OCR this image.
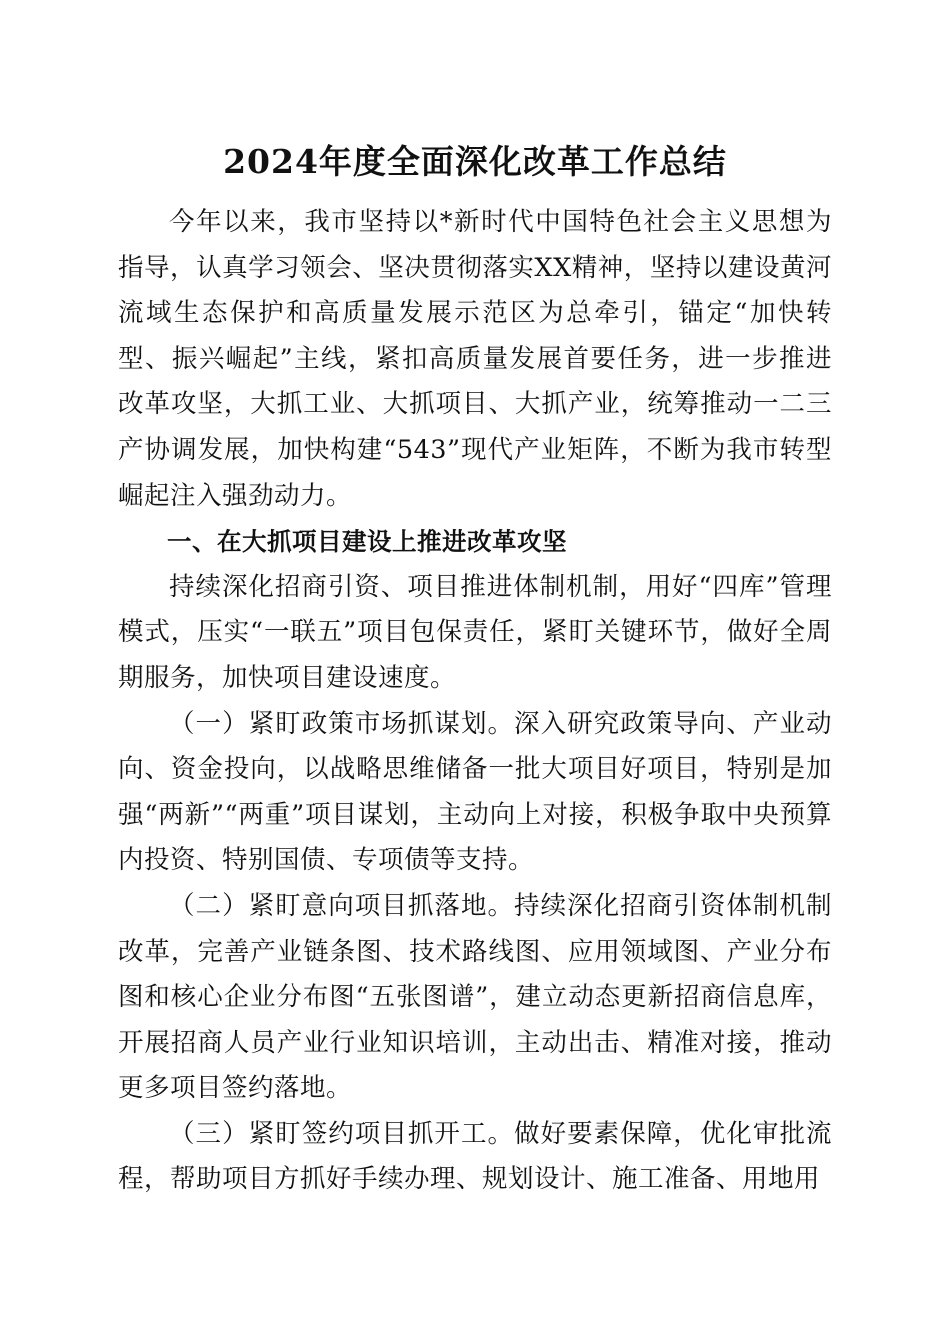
2024年度全面深化改革工作总结

今年以来，我市坚持以*新时代中国特色社会主义思想为指导，认真学习领会、坚决贯彻落实XX精神，坚持以建设黄河流域生态保护和高质量发展示范区为总牵引，锚定“加快转型、振兴崛起”主线，紧扣高质量发展首要任务，进一步推进改革攻坚，大抓工业、大抓项目、大抓产业，统筹推动一二三产协调发展，加快构建“543”现代产业矩阵，不断为我市转型崛起注入强劲动力。

一、在大抓项目建设上推进改革攻坚

持续深化招商引资、项目推进体制机制，用好“四库”管理模式，压实“一联五”项目包保责任，紧盯关键环节，做好全周期服务，加快项目建设速度。

（一）紧盯政策市场抓谋划。深入研究政策导向、产业动向、资金投向，以战略思维储备一批大项目好项目，特别是加强“两新”“两重”项目谋划，主动向上对接，积极争取中央预算内投资、特别国债、专项债等支持。

（二）紧盯意向项目抓落地。持续深化招商引资体制机制改革，完善产业链条图、技术路线图、应用领域图、产业分布图和核心企业分布图“五张图谱”，建立动态更新招商信息库，开展招商人员产业行业知识培训，主动出击、精准对接，推动更多项目签约落地。

（三）紧盯签约项目抓开工。做好要素保障，优化审批流程，帮助项目方抓好手续办理、规划设计、施工准备、用地用
